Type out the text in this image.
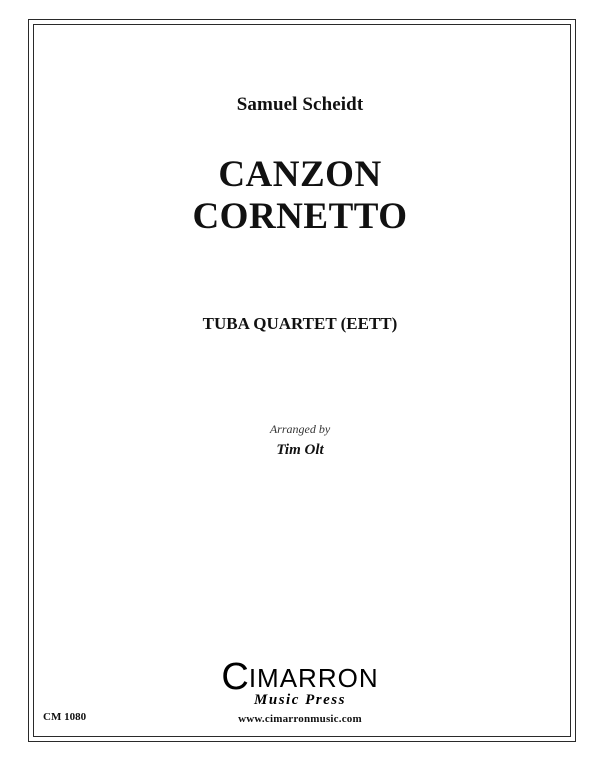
Samuel Scheidt
CANZON
CORNETTO
TUBA QUARTET (EETT)
Arranged by
Tim Olt
CIMARRON
Music Press
CM 1080	www.cimarronmusic.com
